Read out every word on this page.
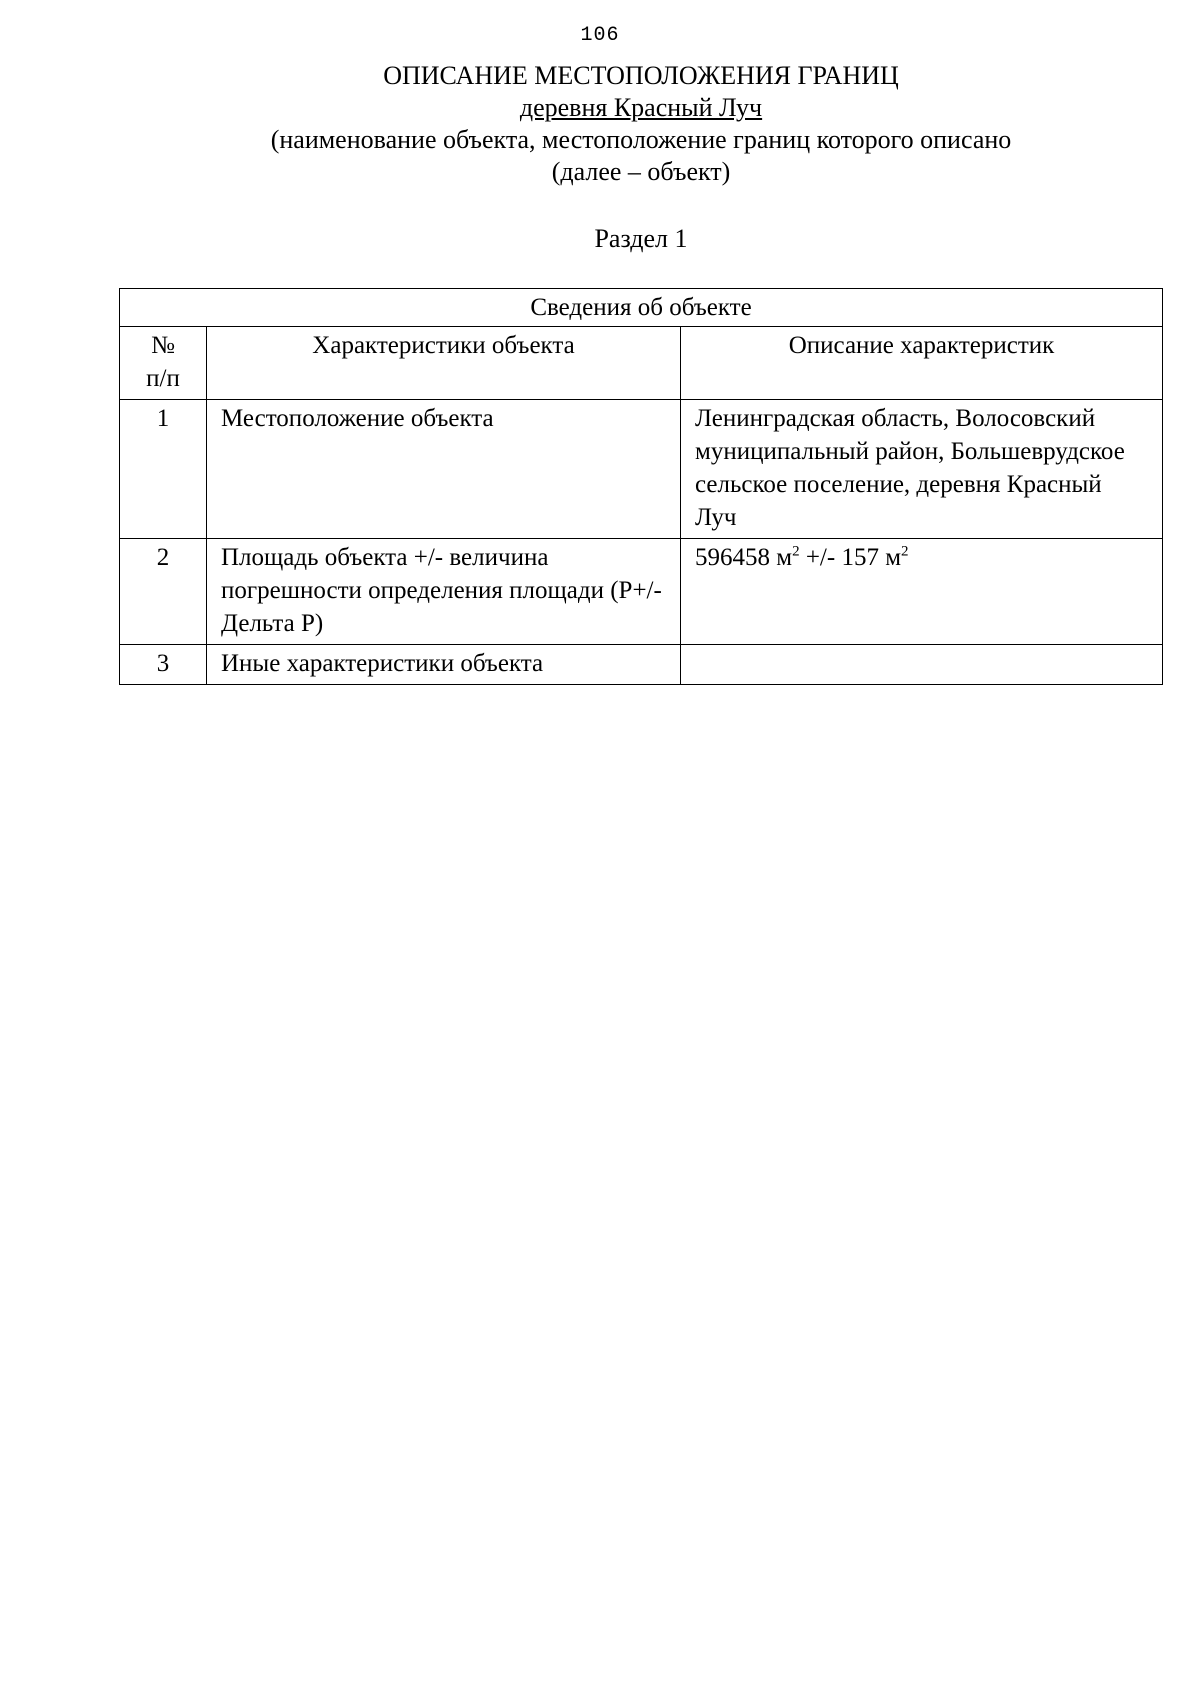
106
ОПИСАНИЕ МЕСТОПОЛОЖЕНИЯ ГРАНИЦ
деревня Красный Луч
(наименование объекта, местоположение границ которого описано
(далее – объект)
Раздел 1
Сведения об объекте		

№
п/п	Характеристики объекта	Описание характеристик
1	Местоположение объекта	Ленинградская область, Волосовский муниципальный район, Большеврудское сельское поселение, деревня Красный Луч
2	Площадь объекта +/- величина погрешности определения площади (Р+/- Дельта Р)	596458 $м^2$ +/- 157 $м^2$
3	Иные характеристики объекта	
